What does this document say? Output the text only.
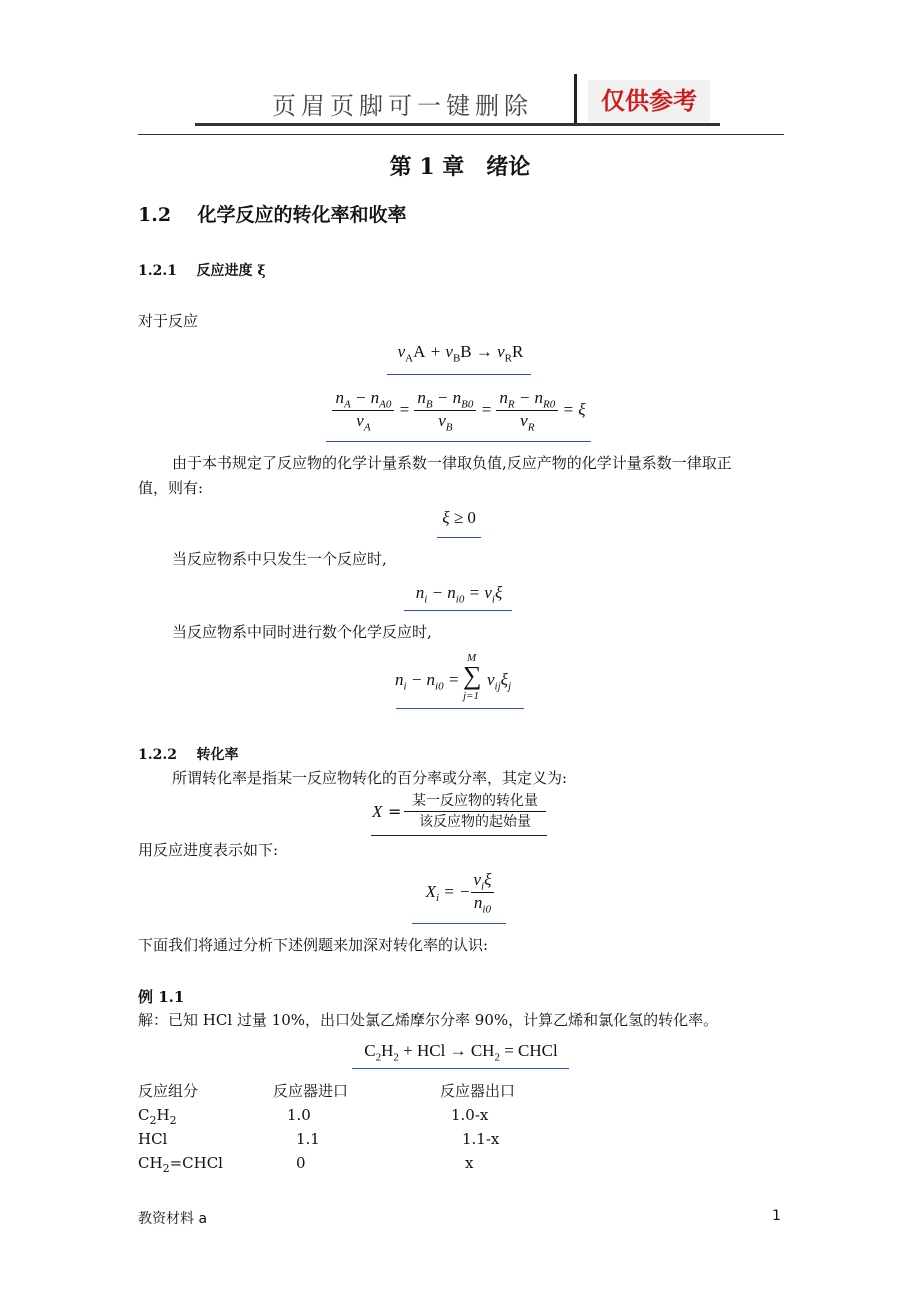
页眉页脚可一键删除	仅供参考
第 1 章　绪论
1.2 化学反应的转化率和收率
1.2.1 反应进度 ξ
对于反应
$\nu_AA + \nu_BB \to \nu_RR$
$\frac{n_A - n_{A0}}{\nu_A} = \frac{n_B - n_{B0}}{\nu_B} = \frac{n_R - n_{R0}}{\nu_R} = \xi$
由于本书规定了反应物的化学计量系数一律取负值,反应产物的化学计量系数一律取正
值，则有:
ξ ≥ 0
当反应物系中只发生一个反应时,
$n_i - n_{i0} = \nu_i\xi$
当反应物系中同时进行数个化学反应时,
$n_i - n_{i0}$ =
M
∑
j=1
$\nu_{ij}\xi_j$
1.2.2 转化率
所谓转化率是指某一反应物转化的百分率或分率，其定义为:
X =
某一反应物的转化量
该反应物的起始量
用反应进度表示如下:
$X_i$ = − $\frac{\nu_i\xi}{n_{i0}}$
下面我们将通过分析下述例题来加深对转化率的认识:
例 1.1
解：已知 HCl 过量 10%，出口处氯乙烯摩尔分率 90%，计算乙烯和氯化氢的转化率。
$C_2H_2$ + HCl → $CH_2$ = CHCl
反应组分	反应器进口	反应器出口
$C_2H_2$	1.0	1.0-x
HCl	1.1	1.1-x
$CH_2=CHCl$	0	x
教资材料 a	1
